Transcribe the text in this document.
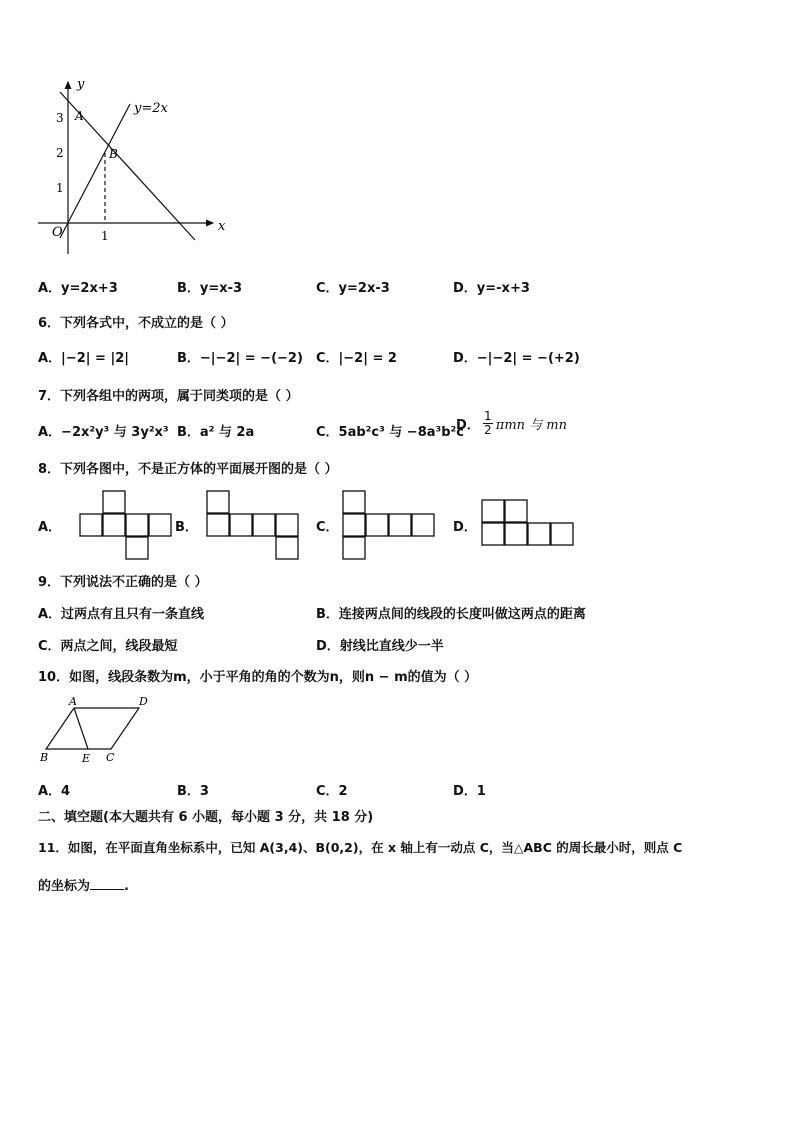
y
x
O
y=2x
A
B
3
2
1
1
A．y=2x+3	B．y=x-3	C．y=2x-3	D．y=-x+3
6．下列各式中，不成立的是（ ）
A．|−2| = |2|	B．−|−2| = −(−2) C．|−2| = 2	D．−|−2| = −(+2)
7．下列各组中的两项，属于同类项的是（ ）
A．−2x²y³ 与 3y²x³ B．a² 与 2a	C．5ab²c³ 与 −8a³b²c
D．
1
2 πmn 与 mn
8．下列各图中，不是正方体的平面展开图的是（ ）
A．	B．	C．	D．
9．下列说法不正确的是（ ）
A．过两点有且只有一条直线	B．连接两点间的线段的长度叫做这两点的距离
C．两点之间，线段最短	D．射线比直线少一半
10．如图，线段条数为m，小于平角的角的个数为n，则n − m的值为（ ）
A	D
B	E C
A．4	B．3	C．2	D．1
二、填空题(本大题共有 6 小题，每小题 3 分，共 18 分)
11．如图，在平面直角坐标系中，已知 A(3,4)、B(0,2)，在 x 轴上有一动点 C，当△ABC 的周长最小时，则点 C
的坐标为	.
